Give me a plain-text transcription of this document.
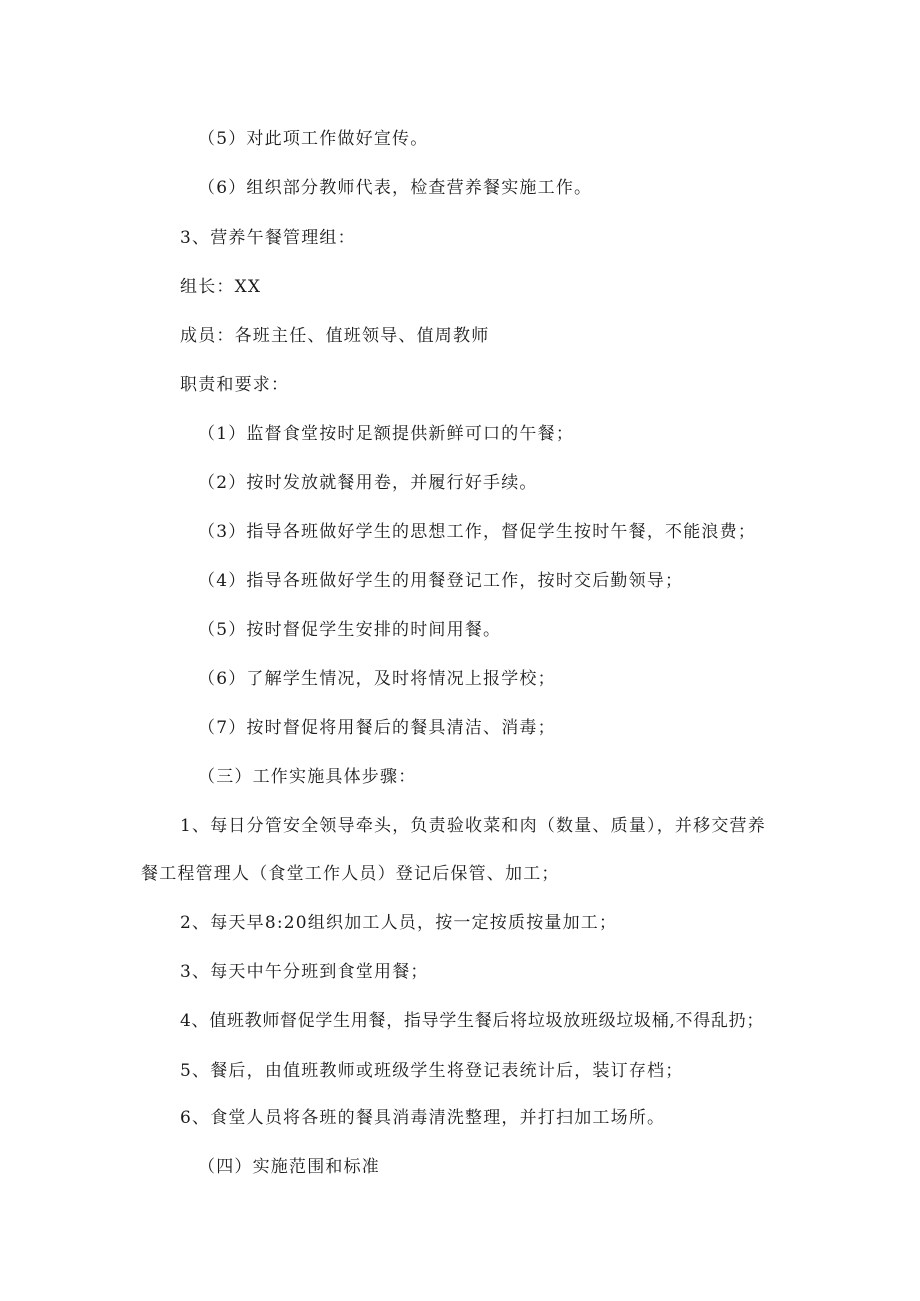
（5）对此项工作做好宣传。
（6）组织部分教师代表，检查营养餐实施工作。
3、营养午餐管理组：
组长：XX
成员：各班主任、值班领导、值周教师
职责和要求：
（1）监督食堂按时足额提供新鲜可口的午餐；
（2）按时发放就餐用卷，并履行好手续。
（3）指导各班做好学生的思想工作，督促学生按时午餐，不能浪费；
（4）指导各班做好学生的用餐登记工作，按时交后勤领导；
（5）按时督促学生安排的时间用餐。
（6）了解学生情况，及时将情况上报学校；
（7）按时督促将用餐后的餐具清洁、消毒；
（三）工作实施具体步骤：
1、每日分管安全领导牵头，负责验收菜和肉（数量、质量），并移交营养
餐工程管理人（食堂工作人员）登记后保管、加工；
2、每天早8:20组织加工人员，按一定按质按量加工；
3、每天中午分班到食堂用餐；
4、值班教师督促学生用餐，指导学生餐后将垃圾放班级垃圾桶,不得乱扔；
5、餐后，由值班教师或班级学生将登记表统计后，装订存档；
6、食堂人员将各班的餐具消毒清洗整理，并打扫加工场所。
（四）实施范围和标准
